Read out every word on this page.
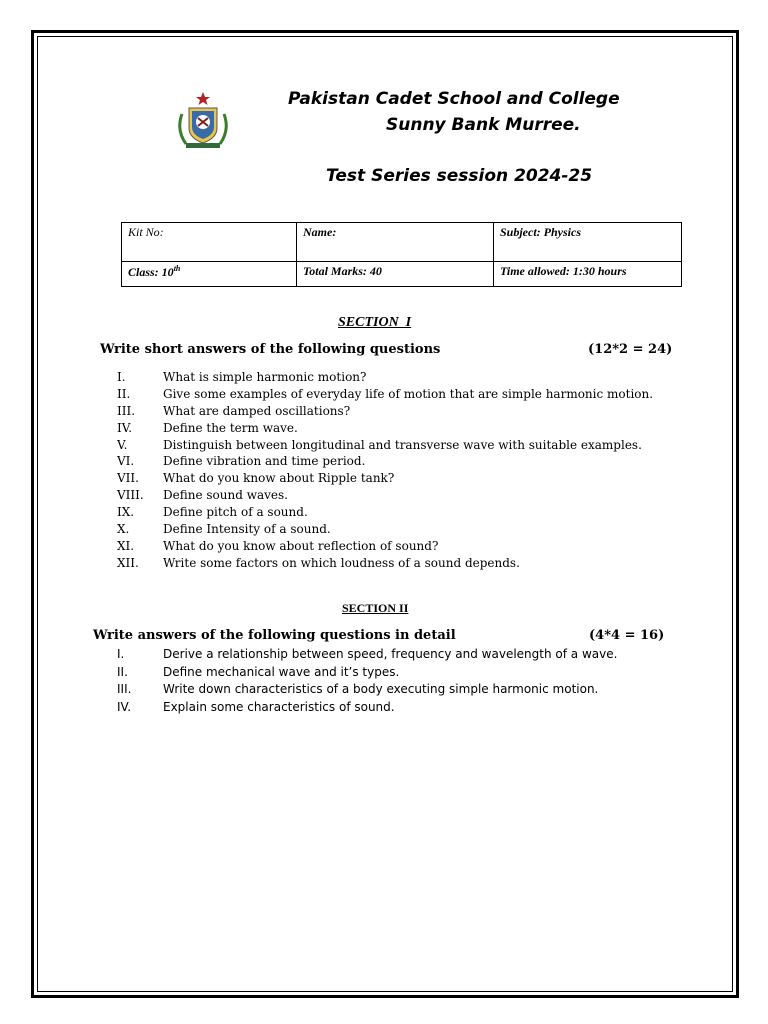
Pakistan Cadet School and College
Sunny Bank Murree.
Test Series session 2024-25
Kit No:	Name:	Subject: Physics
Class: 10th	Total Marks: 40	Time allowed: 1:30 hours
SECTION  I
Write short answers of the following questions	(12*2 = 24)
I.	What is simple harmonic motion?
II.	Give some examples of everyday life of motion that are simple harmonic motion.
III. What are damped oscillations?
IV.	Define the term wave.
V.	Distinguish between longitudinal and transverse wave with suitable examples.
VI. Define vibration and time period.
VII. What do you know about Ripple tank?
VIII. Define sound waves.
IX. Define pitch of a sound.
X.	Define Intensity of a sound.
XI. What do you know about reflection of sound?
XII. Write some factors on which loudness of a sound depends.
SECTION II
Write answers of the following questions in detail	(4*4 = 16)
I.	Derive a relationship between speed, frequency and wavelength of a wave.
II.	Define mechanical wave and it’s types.
III.	Write down characteristics of a body executing simple harmonic motion.
IV.	Explain some characteristics of sound.
